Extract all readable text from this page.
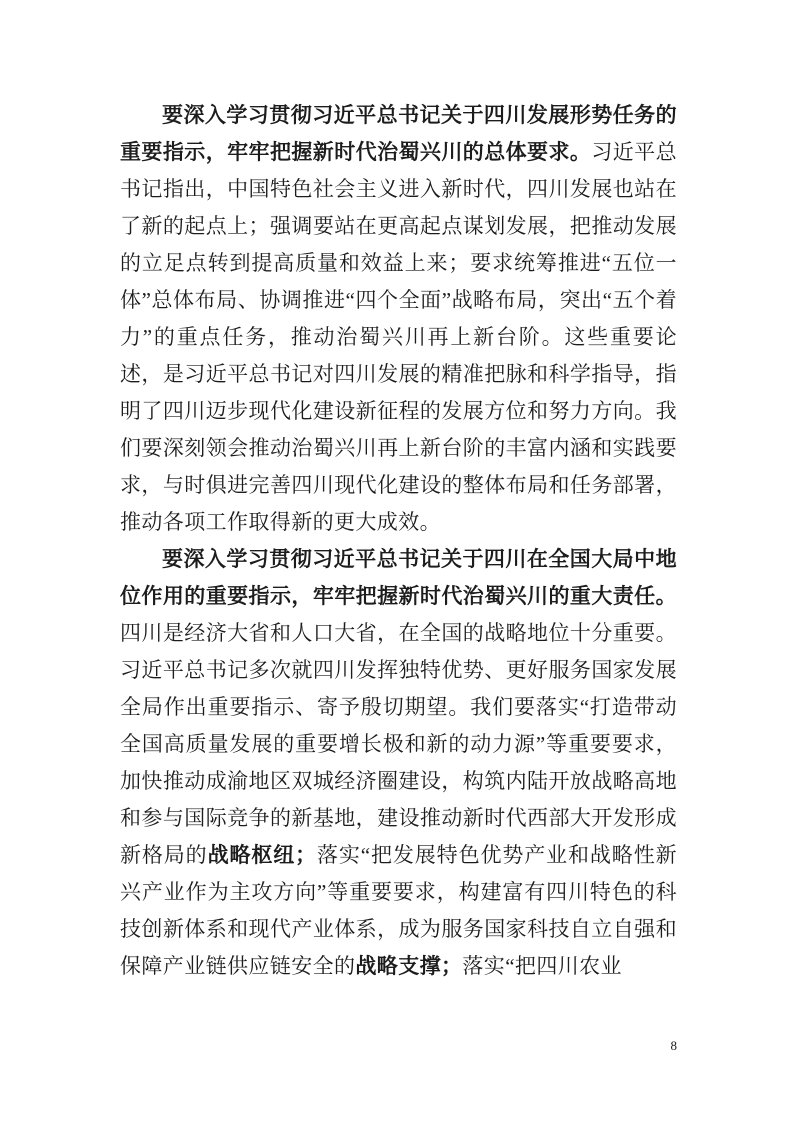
要深入学习贯彻习近平总书记关于四川发展形势任务的重要指示，牢牢把握新时代治蜀兴川的总体要求。习近平总书记指出，中国特色社会主义进入新时代，四川发展也站在了新的起点上；强调要站在更高起点谋划发展，把推动发展的立足点转到提高质量和效益上来；要求统筹推进“五位一体”总体布局、协调推进“四个全面”战略布局，突出“五个着力”的重点任务，推动治蜀兴川再上新台阶。这些重要论述，是习近平总书记对四川发展的精准把脉和科学指导，指明了四川迈步现代化建设新征程的发展方位和努力方向。我们要深刻领会推动治蜀兴川再上新台阶的丰富内涵和实践要求，与时俱进完善四川现代化建设的整体布局和任务部署，推动各项工作取得新的更大成效。

要深入学习贯彻习近平总书记关于四川在全国大局中地位作用的重要指示，牢牢把握新时代治蜀兴川的重大责任。四川是经济大省和人口大省，在全国的战略地位十分重要。习近平总书记多次就四川发挥独特优势、更好服务国家发展全局作出重要指示、寄予殷切期望。我们要落实“打造带动全国高质量发展的重要增长极和新的动力源”等重要要求，加快推动成渝地区双城经济圈建设，构筑内陆开放战略高地和参与国际竞争的新基地，建设推动新时代西部大开发形成新格局的战略枢纽；落实“把发展特色优势产业和战略性新兴产业作为主攻方向”等重要要求，构建富有四川特色的科技创新体系和现代产业体系，成为服务国家科技自立自强和保障产业链供应链安全的战略支撑；落实“把四川农业

8
